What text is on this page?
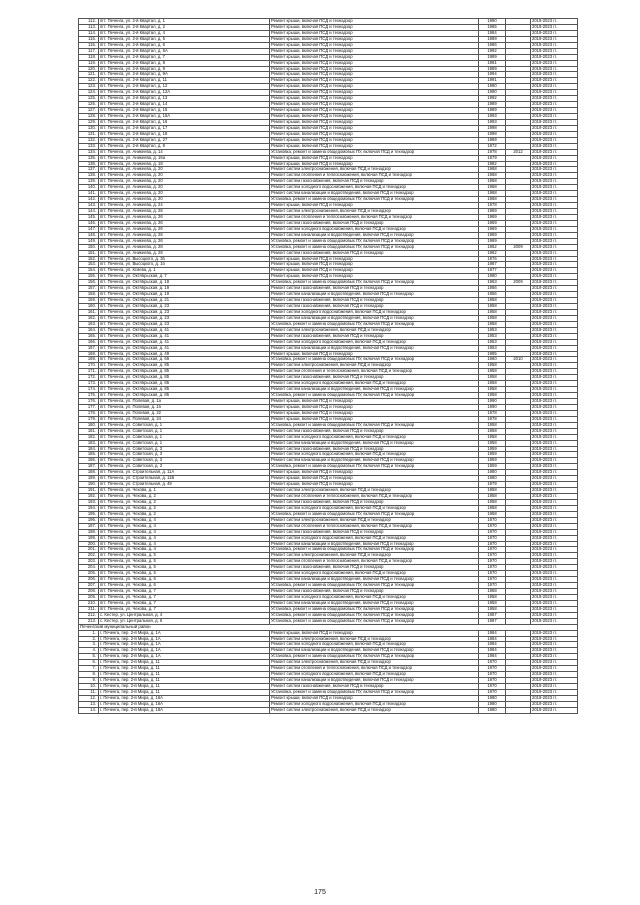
112.	пгт. Печенга, ул. 2-й Квартал, д. 1	Ремонт крыши, включая ПСД и технадзор	1990		2019-2023 гг.
113.	пгт. Печенга, ул. 2-й Квартал, д. 2	Ремонт крыши, включая ПСД и технадзор	1965		2019-2023 гг.
114.	пгт. Печенга, ул. 2-й Квартал, д. 4	Ремонт крыши, включая ПСД и технадзор	1984		2019-2023 гг.
115.	пгт. Печенга, ул. 2-й Квартал, д. 5	Ремонт крыши, включая ПСД и технадзор	1989		2019-2023 гг.
116.	пгт. Печенга, ул. 2-й Квартал, д. 6	Ремонт крыши, включая ПСД и технадзор	1986		2019-2023 гг.
117.	пгт. Печенга, ул. 2-й Квартал, д. 6А	Ремонт крыши, включая ПСД и технадзор	1992		2019-2023 гг.
118.	пгт. Печенга, ул. 2-й Квартал, д. 7	Ремонт крыши, включая ПСД и технадзор	1989		2019-2023 гг.
119.	пгт. Печенга, ул. 2-й Квартал, д. 8	Ремонт крыши, включая ПСД и технадзор	1991		2019-2023 гг.
120.	пгт. Печенга, ул. 2-й Квартал, д. 9	Ремонт крыши, включая ПСД и технадзор	1989		2019-2023 гг.
121.	пгт. Печенга, ул. 2-й Квартал, д. 9А	Ремонт крыши, включая ПСД и технадзор	1994		2019-2023 гг.
122.	пгт. Печенга, ул. 2-й Квартал, д. 11	Ремонт крыши, включая ПСД и технадзор	1991		2019-2023 гг.
123.	пгт. Печенга, ул. 2-й Квартал, д. 12	Ремонт крыши, включая ПСД и технадзор	1990		2019-2023 гг.
124.	пгт. Печенга, ул. 2-й Квартал, д. 12А	Ремонт крыши, включая ПСД и технадзор	1990		2019-2023 гг.
125.	пгт. Печенга, ул. 2-й Квартал, д. 13	Ремонт крыши, включая ПСД и технадзор	1992		2019-2023 гг.
126.	пгт. Печенга, ул. 2-й Квартал, д. 14	Ремонт крыши, включая ПСД и технадзор	1989		2019-2023 гг.
127.	пгт. Печенга, ул. 2-й Квартал, д. 15	Ремонт крыши, включая ПСД и технадзор	1989		2019-2023 гг.
128.	пгт. Печенга, ул. 2-й Квартал, д. 15А	Ремонт крыши, включая ПСД и технадзор	1993		2019-2023 гг.
129.	пгт. Печенга, ул. 2-й Квартал, д. 16	Ремонт крыши, включая ПСД и технадзор	1993		2019-2023 гг.
130.	пгт. Печенга, ул. 2-й Квартал, д. 17	Ремонт крыши, включая ПСД и технадзор	1998		2019-2023 гг.
131.	пгт. Печенга, ул. 2-й Квартал, д. 18	Ремонт крыши, включая ПСД и технадзор	1998		2019-2023 гг.
132.	пгт. Печенга, ул. 2-й Квартал, д. 27	Ремонт крыши, включая ПСД и технадзор	1989		2019-2023 гг.
133.	пгт. Печенга, ул. 2-й Квартал, д. 8	Ремонт крыши, включая ПСД и технадзор	1972		2019-2023 гг.
134.	пгт. Печенга, ул. Аникеева, д. 14	Установка, ремонт и замена общедомовых ПУ, включая ПСД и технадзор	1978	2012	2019-2023 гг.
135.	пгт. Печенга, ул. Аникеева, д. 16а	Ремонт крыши, включая ПСД и технадзор	1979		2019-2023 гг.
136.	пгт. Печенга, ул. Аникеева, д. 18	Ремонт крыши, включая ПСД и технадзор	1982		2019-2023 гг.
137.	пгт. Печенга, ул. Аникеева, д. 20	Ремонт систем электроснабжения, включая ПСД и технадзор	1968		2019-2023 гг.
138.	пгт. Печенга, ул. Аникеева, д. 20	Ремонт систем отопления и теплоснабжения, включая ПСД и технадзор	1968		2019-2023 гг.
139.	пгт. Печенга, ул. Аникеева, д. 20	Ремонт систем газоснабжения, включая ПСД и технадзор	1968		2019-2023 гг.
140.	пгт. Печенга, ул. Аникеева, д. 20	Ремонт систем холодного водоснабжения, включая ПСД и технадзор	1968		2019-2023 гг.
141.	пгт. Печенга, ул. Аникеева, д. 20	Ремонт систем канализации и водоотведения, включая ПСД и технадзор	1968		2019-2023 гг.
142.	пгт. Печенга, ул. Аникеева, д. 20	Установка, ремонт и замена общедомовых ПУ, включая ПСД и технадзор	1968		2019-2023 гг.
143.	пгт. Печенга, ул. Аникеева, д. 24	Ремонт крыши, включая ПСД и технадзор	1978		2019-2023 гг.
144.	пгт. Печенга, ул. Аникеева, д. 26	Ремонт систем электроснабжения, включая ПСД и технадзор	1969		2019-2023 гг.
145.	пгт. Печенга, ул. Аникеева, д. 26	Ремонт систем отопления и теплоснабжения, включая ПСД и технадзор	1969		2019-2023 гг.
146.	пгт. Печенга, ул. Аникеева, д. 26	Ремонт систем газоснабжения, включая ПСД и технадзор	1969		2019-2023 гг.
147.	пгт. Печенга, ул. Аникеева, д. 26	Ремонт систем холодного водоснабжения, включая ПСД и технадзор	1969		2019-2023 гг.
148.	пгт. Печенга, ул. Аникеева, д. 26	Ремонт систем канализации и водоотведения, включая ПСД и технадзор	1969		2019-2023 гг.
149.	пгт. Печенга, ул. Аникеева, д. 26	Установка, ремонт и замена общедомовых ПУ, включая ПСД и технадзор	1969		2019-2023 гг.
150.	пгт. Печенга, ул. Аникеева, д. 28	Установка, ремонт и замена общедомовых ПУ, включая ПСД и технадзор	1962	2009	2019-2023 гг.
151.	пгт. Печенга, ул. Аникеева, д. 28	Ремонт систем газоснабжения, включая ПСД и технадзор	1962		2019-2023 гг.
152.	пгт. Печенга, ул. Высоцкого, д. 3б	Ремонт крыши, включая ПСД и технадзор	1976		2019-2023 гг.
153.	пгт. Печенга, ул. Высоцкого, д. 1б	Ремонт крыши, включая ПСД и технадзор	1987		2019-2023 гг.
154.	пгт. Печенга, ул. Ксяева, д. 1	Ремонт крыши, включая ПСД и технадзор	1977		2019-2023 гг.
155.	пгт. Печенга, ул. Октябрьская, д. 7	Ремонт крыши, включая ПСД и технадзор	1980		2019-2023 гг.
156.	пгт. Печенга, ул. Октябрьская, д. 18	Установка, ремонт и замена общедомовых ПУ, включая ПСД и технадзор	1963	2009	2019-2023 гг.
157.	пгт. Печенга, ул. Октябрьская, д. 19	Ремонт систем газоснабжения, включая ПСД и технадзор	1956		2019-2023 гг.
158.	пгт. Печенга, ул. Октябрьская, д. 19	Ремонт систем канализации и водоотведения, включая ПСД и технадзор	1956		2019-2023 гг.
159.	пгт. Печенга, ул. Октябрьская, д. 21	Ремонт систем газоснабжения, включая ПСД и технадзор	1958		2019-2023 гг.
160.	пгт. Печенга, ул. Октябрьская, д. 23	Ремонт систем газоснабжения, включая ПСД и технадзор	1958		2019-2023 гг.
161.	пгт. Печенга, ул. Октябрьская, д. 23	Ремонт систем холодного водоснабжения, включая ПСД и технадзор	1958		2019-2023 гг.
162.	пгт. Печенга, ул. Октябрьская, д. 23	Ремонт систем канализации и водоотведения, включая ПСД и технадзор	1958		2019-2023 гг.
163.	пгт. Печенга, ул. Октябрьская, д. 23	Установка, ремонт и замена общедомовых ПУ, включая ПСД и технадзор	1958		2019-2023 гг.
164.	пгт. Печенга, ул. Октябрьская, д. 41	Ремонт систем электроснабжения, включая ПСД и технадзор	1953		2019-2023 гг.
165.	пгт. Печенга, ул. Октябрьская, д. 41	Ремонт систем газоснабжения, включая ПСД и технадзор	1953		2019-2023 гг.
166.	пгт. Печенга, ул. Октябрьская, д. 41	Ремонт систем холодного водоснабжения, включая ПСД и технадзор	1953		2019-2023 гг.
167.	пгт. Печенга, ул. Октябрьская, д. 41	Ремонт систем канализации и водоотведения, включая ПСД и технадзор	1953		2019-2023 гг.
168.	пгт. Печенга, ул. Октябрьская, д. 49	Ремонт крыши, включая ПСД и технадзор	1985		2019-2023 гг.
169.	пгт. Печенга, ул. Октябрьская, д. 66	Установка, ремонт и замена общедомовых ПУ, включая ПСД и технадзор	1960	2010	2019-2023 гг.
170.	пгт. Печенга, ул. Октябрьская, д. 85	Ремонт систем электроснабжения, включая ПСД и технадзор	1958		2019-2023 гг.
171.	пгт. Печенга, ул. Октябрьская, д. 85	Ремонт систем отопления и теплоснабжения, включая ПСД и технадзор	1958		2019-2023 гг.
172.	пгт. Печенга, ул. Октябрьская, д. 85	Ремонт систем газоснабжения, включая ПСД и технадзор	1958		2019-2023 гг.
173.	пгт. Печенга, ул. Октябрьская, д. 85	Ремонт систем холодного водоснабжения, включая ПСД и технадзор	1958		2019-2023 гг.
174.	пгт. Печенга, ул. Октябрьская, д. 85	Ремонт систем канализации и водоотведения, включая ПСД и технадзор	1958		2019-2023 гг.
175.	пгт. Печенга, ул. Октябрьская, д. 85	Установка, ремонт и замена общедомовых ПУ, включая ПСД и технадзор	1958		2019-2023 гг.
176.	пгт. Печенга, ул. Полевая, д. 1а	Ремонт крыши, включая ПСД и технадзор	1990		2019-2023 гг.
177.	пгт. Печенга, ул. Полевая, д. 1б	Ремонт крыши, включая ПСД и технадзор	1990		2019-2023 гг.
178.	пгт. Печенга, ул. Полевая, д. 22	Ремонт крыши, включая ПСД и технадзор	1978		2019-2023 гг.
179.	пгт. Печенга, ул. Полевая, д. 24	Ремонт крыши, включая ПСД и технадзор	1978		2019-2023 гг.
180.	пгт. Печенга, ул. Советская, д. 1	Установка, ремонт и замена общедомовых ПУ, включая ПСД и технадзор	1958		2019-2023 гг.
181.	пгт. Печенга, ул. Советская, д. 1	Ремонт систем газоснабжения, включая ПСД и технадзор	1958		2019-2023 гг.
182.	пгт. Печенга, ул. Советская, д. 1	Ремонт систем холодного водоснабжения, включая ПСД и технадзор	1958		2019-2023 гг.
183.	пгт. Печенга, ул. Советская, д. 1	Ремонт систем канализации и водоотведения, включая ПСД и технадзор	1958		2019-2023 гг.
184.	пгт. Печенга, ул. Советская, д. 3	Ремонт систем газоснабжения, включая ПСД и технадзор	1959		2019-2023 гг.
185.	пгт. Печенга, ул. Советская, д. 3	Ремонт систем холодного водоснабжения, включая ПСД и технадзор	1959		2019-2023 гг.
186.	пгт. Печенга, ул. Советская, д. 3	Ремонт систем канализации и водоотведения, включая ПСД и технадзор	1959		2019-2023 гг.
187.	пгт. Печенга, ул. Советская, д. 3	Установка, ремонт и замена общедомовых ПУ, включая ПСД и технадзор	1959		2019-2023 гг.
188.	пгт. Печенга, ул. Строительная, д. 11А	Ремонт крыши, включая ПСД и технадзор	1980		2019-2023 гг.
189.	пгт. Печенга, ул. Строительная, д. 11Б	Ремонт крыши, включая ПСД и технадзор	1980		2019-2023 гг.
190.	пгт. Печенга, ул. Строительная, д. 49	Ремонт крыши, включая ПСД и технадзор	1979		2019-2023 гг.
191.	пгт. Печенга, ул. Чехова, д. 1	Ремонт систем электроснабжения, включая ПСД и технадзор	1958		2019-2023 гг.
192.	пгт. Печенга, ул. Чехова, д. 2	Ремонт систем отопления и теплоснабжения, включая ПСД и технадзор	1958		2019-2023 гг.
193.	пгт. Печенга, ул. Чехова, д. 2	Ремонт систем газоснабжения, включая ПСД и технадзор	1958		2019-2023 гг.
194.	пгт. Печенга, ул. Чехова, д. 2	Ремонт систем холодного водоснабжения, включая ПСД и технадзор	1958		2019-2023 гг.
195.	пгт. Печенга, ул. Чехова, д. 2	Установка, ремонт и замена общедомовых ПУ, включая ПСД и технадзор	1958		2019-2023 гг.
196.	пгт. Печенга, ул. Чехова, д. 4	Ремонт систем электроснабжения, включая ПСД и технадзор	1970		2019-2023 гг.
197.	пгт. Печенга, ул. Чехова, д. 4	Ремонт систем отопления и теплоснабжения, включая ПСД и технадзор	1970		2019-2023 гг.
198.	пгт. Печенга, ул. Чехова, д. 4	Ремонт систем газоснабжения, включая ПСД и технадзор	1970		2019-2023 гг.
199.	пгт. Печенга, ул. Чехова, д. 4	Ремонт систем холодного водоснабжения, включая ПСД и технадзор	1970		2019-2023 гг.
200.	пгт. Печенга, ул. Чехова, д. 4	Ремонт систем канализации и водоотведения, включая ПСД и технадзор	1970		2019-2023 гг.
201.	пгт. Печенга, ул. Чехова, д. 4	Установка, ремонт и замена общедомовых ПУ, включая ПСД и технадзор	1970		2019-2023 гг.
202.	пгт. Печенга, ул. Чехова, д. 5	Ремонт систем электроснабжения, включая ПСД и технадзор	1970		2019-2023 гг.
203.	пгт. Печенга, ул. Чехова, д. 5	Ремонт систем отопления и теплоснабжения, включая ПСД и технадзор	1970		2019-2023 гг.
204.	пгт. Печенга, ул. Чехова, д. 5	Ремонт систем газоснабжения, включая ПСД и технадзор	1970		2019-2023 гг.
205.	пгт. Печенга, ул. Чехова, д. 5	Ремонт систем холодного водоснабжения, включая ПСД и технадзор	1970		2019-2023 гг.
206.	пгт. Печенга, ул. Чехова, д. 6	Ремонт систем канализации и водоотведения, включая ПСД и технадзор	1970		2019-2023 гг.
207.	пгт. Печенга, ул. Чехова, д. 6	Установка, ремонт и замена общедомовых ПУ, включая ПСД и технадзор	1970		2019-2023 гг.
208.	пгт. Печенга, ул. Чехова, д. 7	Ремонт систем газоснабжения, включая ПСД и технадзор	1958		2019-2023 гг.
209.	пгт. Печенга, ул. Чехова, д. 7	Ремонт систем холодного водоснабжения, включая ПСД и технадзор	1958		2019-2023 гг.
210.	пгт. Печенга, ул. Чехова, д. 7	Ремонт систем канализации и водоотведения, включая ПСД и технадзор	1958		2019-2023 гг.
211.	пгт. Печенга, ул. Чехова, д. 7	Установка, ремонт и замена общедомовых ПУ, включая ПСД и технадзор	1958		2019-2023 гг.
212.	с. Кестер, ул. Центральная, д. 4	Установка, ремонт и замена общедомовых ПУ, включая ПСД и технадзор	1987		2019-2023 гг.
213.	с. Кестер, ул. Центральная, д. 6	Установка, ремонт и замена общедомовых ПУ, включая ПСД и технадзор	1987		2019-2023 гг.
Печенгский муниципальный район					
1.	г. Печенга, пер. 2-й Мира, д. 1А	Ремонт крыши, включая ПСД и технадзор	1984		2019-2023 гг.
2.	г. Печенга, пер. 2-й Мира, д. 1А	Ремонт систем электроснабжения, включая ПСД и технадзор	1984		2019-2023 гг.
3.	г. Печенга, пер. 2-й Мира, д. 1А	Ремонт систем холодного водоснабжения, включая ПСД и технадзор	1984		2019-2023 гг.
4.	г. Печенга, пер. 2-й Мира, д. 1А	Ремонт систем канализации и водоотведения, включая ПСД и технадзор	1984		2019-2023 гг.
5.	г. Печенга, пер. 2-й Мира, д. 1А	Установка, ремонт и замена общедомовых ПУ, включая ПСД и технадзор	1984		2019-2023 гг.
6.	г. Печенга, пер. 2-й Мира, д. 11	Ремонт систем электроснабжения, включая ПСД и технадзор	1970		2019-2023 гг.
7.	г. Печенга, пер. 2-й Мира, д. 11	Ремонт систем отопления и теплоснабжения, включая ПСД и технадзор	1970		2019-2023 гг.
8.	г. Печенга, пер. 2-й Мира, д. 11	Ремонт систем холодного водоснабжения, включая ПСД и технадзор	1970		2019-2023 гг.
9.	г. Печенга, пер. 2-й Мира, д. 11	Ремонт систем канализации и водоотведения, включая ПСД и технадзор	1970		2019-2023 гг.
10.	г. Печенга, пер. 2-й Мира, д. 11	Ремонт систем газоснабжения, включая ПСД и технадзор	1970		2019-2023 гг.
11.	г. Печенга, пер. 2-й Мира, д. 11	Установка, ремонт и замена общедомовых ПУ, включая ПСД и технадзор	1970		2019-2023 гг.
12.	г. Печенга, пер. 2-й Мира, д. 16А	Ремонт крыши, включая ПСД и технадзор	1980		2019-2023 гг.
13.	г. Печенга, пер. 2-й Мира, д. 16А	Ремонт систем холодного водоснабжения, включая ПСД и технадзор	1980		2019-2023 гг.
14.	г. Печенга, пер. 2-й Мира, д. 18А	Ремонт систем электроснабжения, включая ПСД и технадзор	1980		2019-2023 гг.
175
